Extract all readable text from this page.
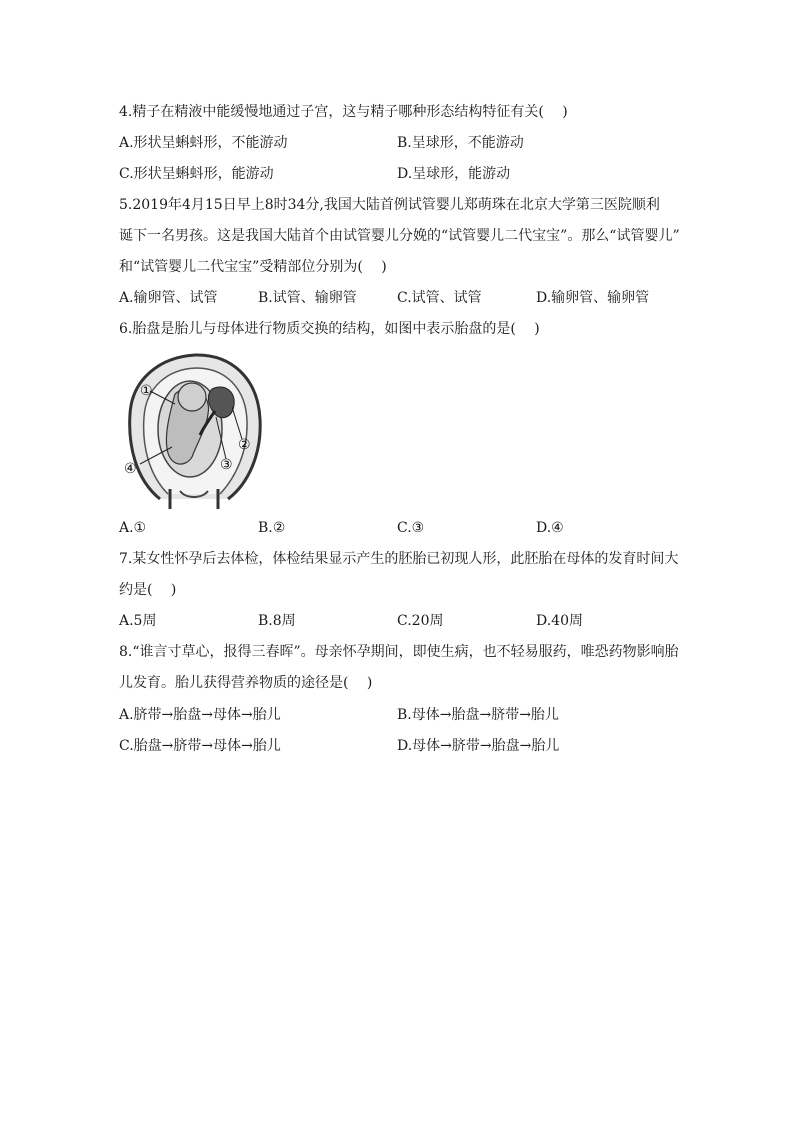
4.精子在精液中能缓慢地通过子宫，这与精子哪种形态结构特征有关(　 )
A.形状呈蝌蚪形，不能游动	B.呈球形，不能游动
C.形状呈蝌蚪形，能游动	D.呈球形，能游动
5.2019年4月15日早上8时34分,我国大陆首例试管婴儿郑萌珠在北京大学第三医院顺利
诞下一名男孩。这是我国大陆首个由试管婴儿分娩的“试管婴儿二代宝宝”。那么“试管婴儿”
和“试管婴儿二代宝宝”受精部位分别为(　 )
A.输卵管、试管	B.试管、输卵管	C.试管、试管	D.输卵管、输卵管
6.胎盘是胎儿与母体进行物质交换的结构，如图中表示胎盘的是(　 )
①
②
③
④
A.①	B.②	C.③	D.④
7.某女性怀孕后去体检，体检结果显示产生的胚胎已初现人形，此胚胎在母体的发育时间大
约是(　 )
A.5周	B.8周	C.20周	D.40周
8.“谁言寸草心，报得三春晖”。母亲怀孕期间，即使生病，也不轻易服药，唯恐药物影响胎
儿发育。胎儿获得营养物质的途径是(　 )
A.脐带→胎盘→母体→胎儿	B.母体→胎盘→脐带→胎儿
C.胎盘→脐带→母体→胎儿	D.母体→脐带→胎盘→胎儿
